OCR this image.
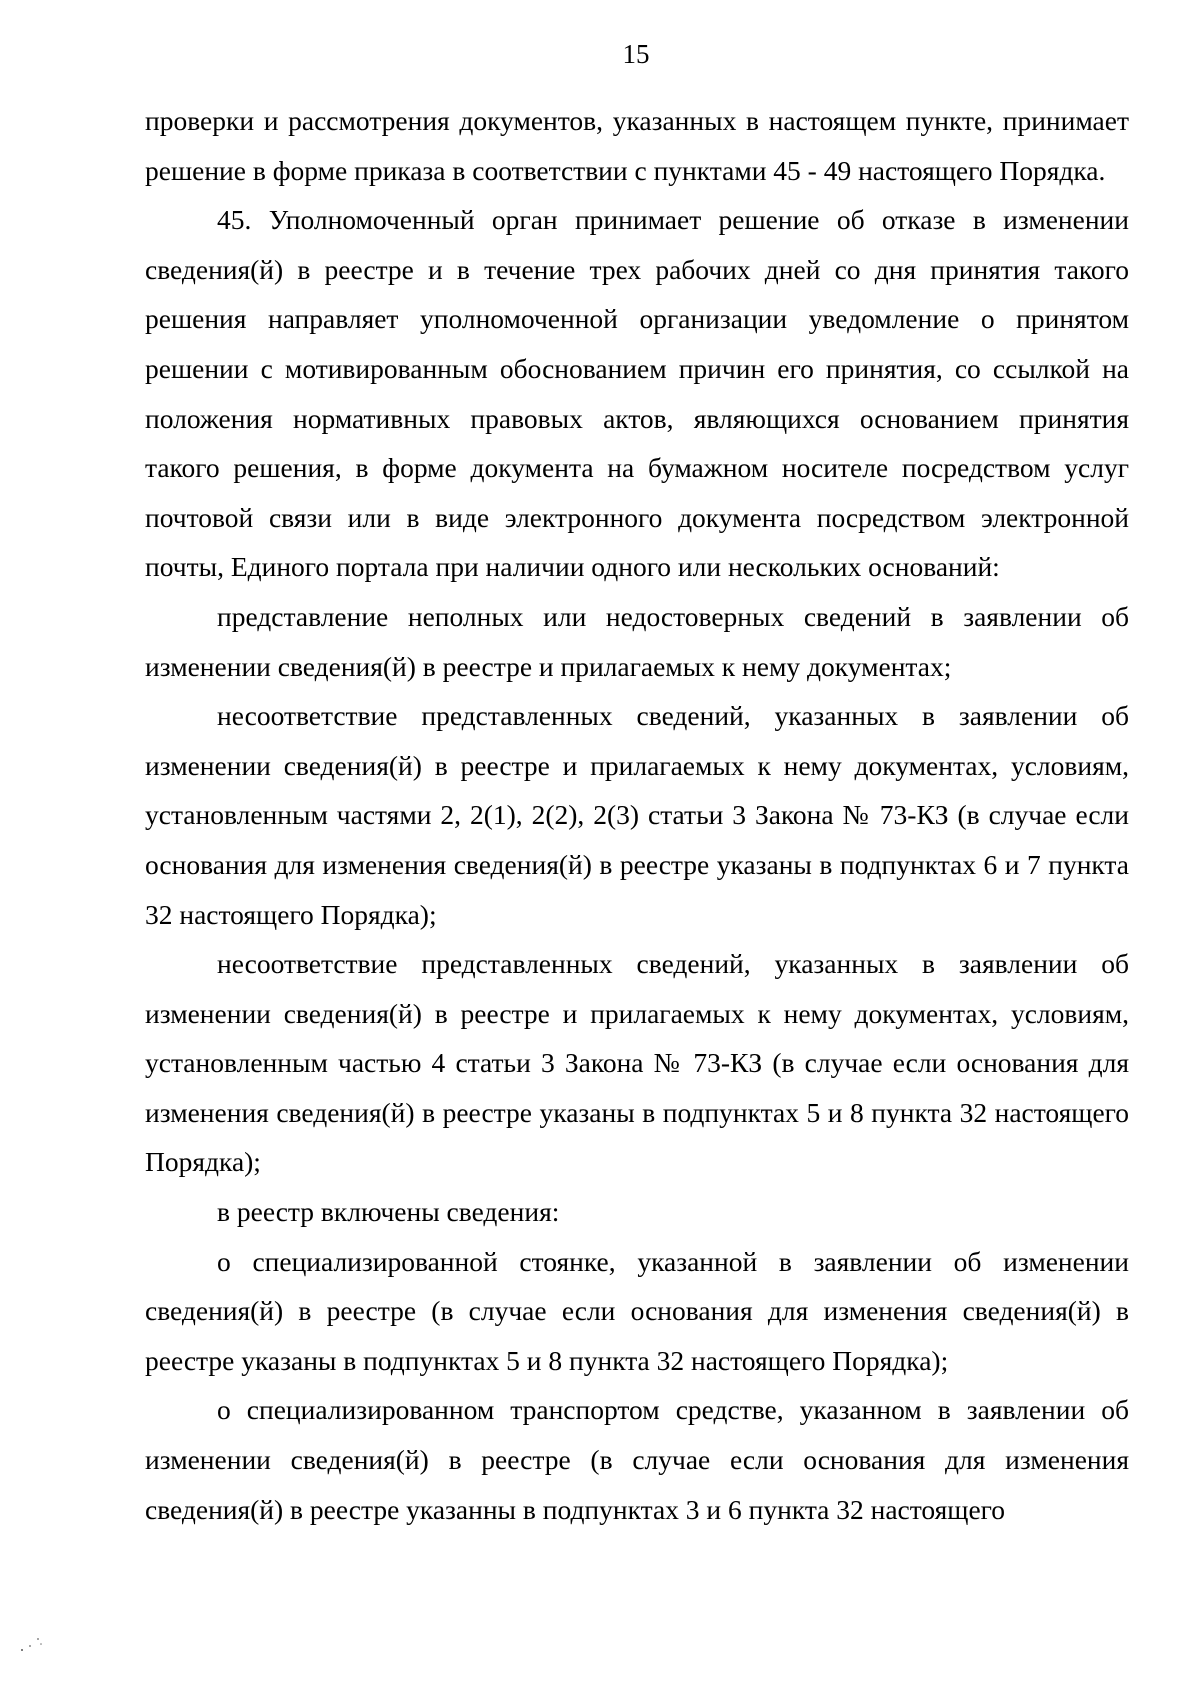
15

проверки и рассмотрения документов, указанных в настоящем пункте, принимает решение в форме приказа в соответствии с пунктами 45 - 49 настоящего Порядка.

45. Уполномоченный орган принимает решение об отказе в изменении сведения(й) в реестре и в течение трех рабочих дней со дня принятия такого решения направляет уполномоченной организации уведомление о принятом решении с мотивированным обоснованием причин его принятия, со ссылкой на положения нормативных правовых актов, являющихся основанием принятия такого решения, в форме документа на бумажном носителе посредством услуг почтовой связи или в виде электронного документа посредством электронной почты, Единого портала при наличии одного или нескольких оснований:

представление неполных или недостоверных сведений в заявлении об изменении сведения(й) в реестре и прилагаемых к нему документах;

несоответствие представленных сведений, указанных в заявлении об изменении сведения(й) в реестре и прилагаемых к нему документах, условиям, установленным частями 2, 2(1), 2(2), 2(3) статьи 3 Закона № 73-КЗ (в случае если основания для изменения сведения(й) в реестре указаны в подпунктах 6 и 7 пункта 32 настоящего Порядка);

несоответствие представленных сведений, указанных в заявлении об изменении сведения(й) в реестре и прилагаемых к нему документах, условиям, установленным частью 4 статьи 3 Закона № 73-КЗ (в случае если основания для изменения сведения(й) в реестре указаны в подпунктах 5 и 8 пункта 32 настоящего Порядка);

в реестр включены сведения:

о специализированной стоянке, указанной в заявлении об изменении сведения(й) в реестре (в случае если основания для изменения сведения(й) в реестре указаны в подпунктах 5 и 8 пункта 32 настоящего Порядка);

о специализированном транспортом средстве, указанном в заявлении об изменении сведения(й) в реестре (в случае если основания для изменения сведения(й) в реестре указанны в подпунктах 3 и 6 пункта 32 настоящего
